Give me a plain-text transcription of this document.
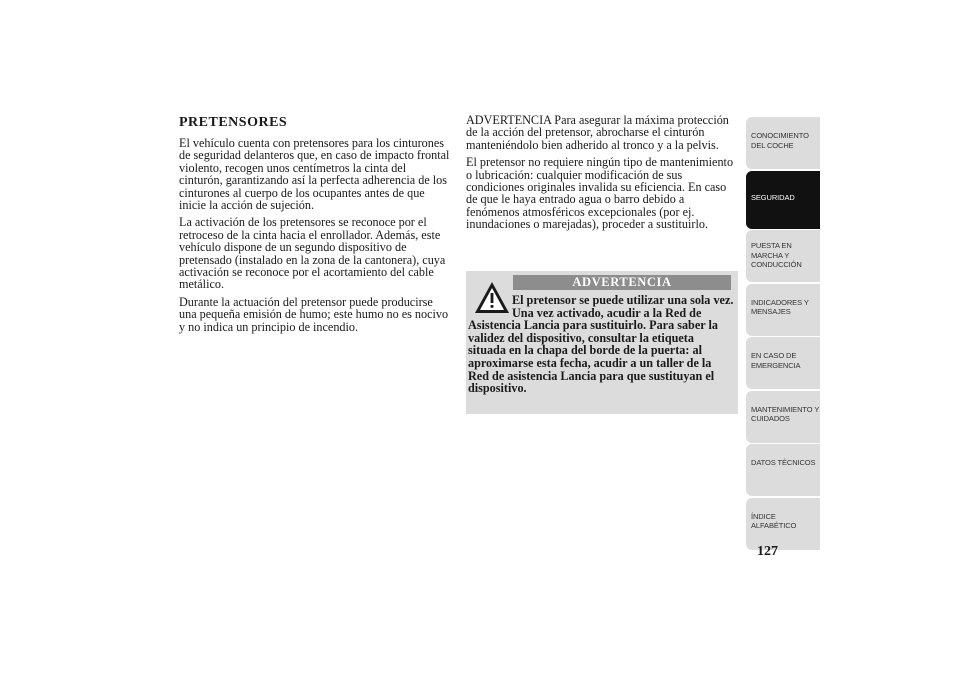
PRETENSORES

El vehículo cuenta con pretensores para los cinturones de seguridad delanteros que, en caso de impacto frontal violento, recogen unos centímetros la cinta del cinturón, garantizando así la perfecta adherencia de los cinturones al cuerpo de los ocupantes antes de que inicie la acción de sujeción.

La activación de los pretensores se reconoce por el retroceso de la cinta hacia el enrollador. Además, este vehículo dispone de un segundo dispositivo de pretensado (instalado en la zona de la cantonera), cuya activación se reconoce por el acortamiento del cable metálico.

Durante la actuación del pretensor puede producirse una pequeña emisión de humo; este humo no es nocivo y no indica un principio de incendio.

ADVERTENCIA Para asegurar la máxima protección de la acción del pretensor, abrocharse el cinturón manteniéndolo bien adherido al tronco y a la pelvis.

El pretensor no requiere ningún tipo de mantenimiento o lubricación: cualquier modificación de sus condiciones originales invalida su eficiencia. En caso de que le haya entrado agua o barro debido a fenómenos atmosféricos excepcionales (por ej. inundaciones o marejadas), proceder a sustituirlo.

ADVERTENCIA
El pretensor se puede utilizar una sola vez. Una vez activado, acudir a la Red de Asistencia Lancia para sustituirlo. Para saber la validez del dispositivo, consultar la etiqueta situada en la chapa del borde de la puerta: al aproximarse esta fecha, acudir a un taller de la Red de asistencia Lancia para que sustituyan el dispositivo.
CONOCIMIENTO
DEL COCHE
SEGURIDAD
PUESTA EN
MARCHA Y
CONDUCCIÓN
INDICADORES Y
MENSAJES
EN CASO DE
EMERGENCIA
MANTENIMIENTO Y
CUIDADOS
DATOS TÉCNICOS
ÍNDICE
ALFABÉTICO
127
